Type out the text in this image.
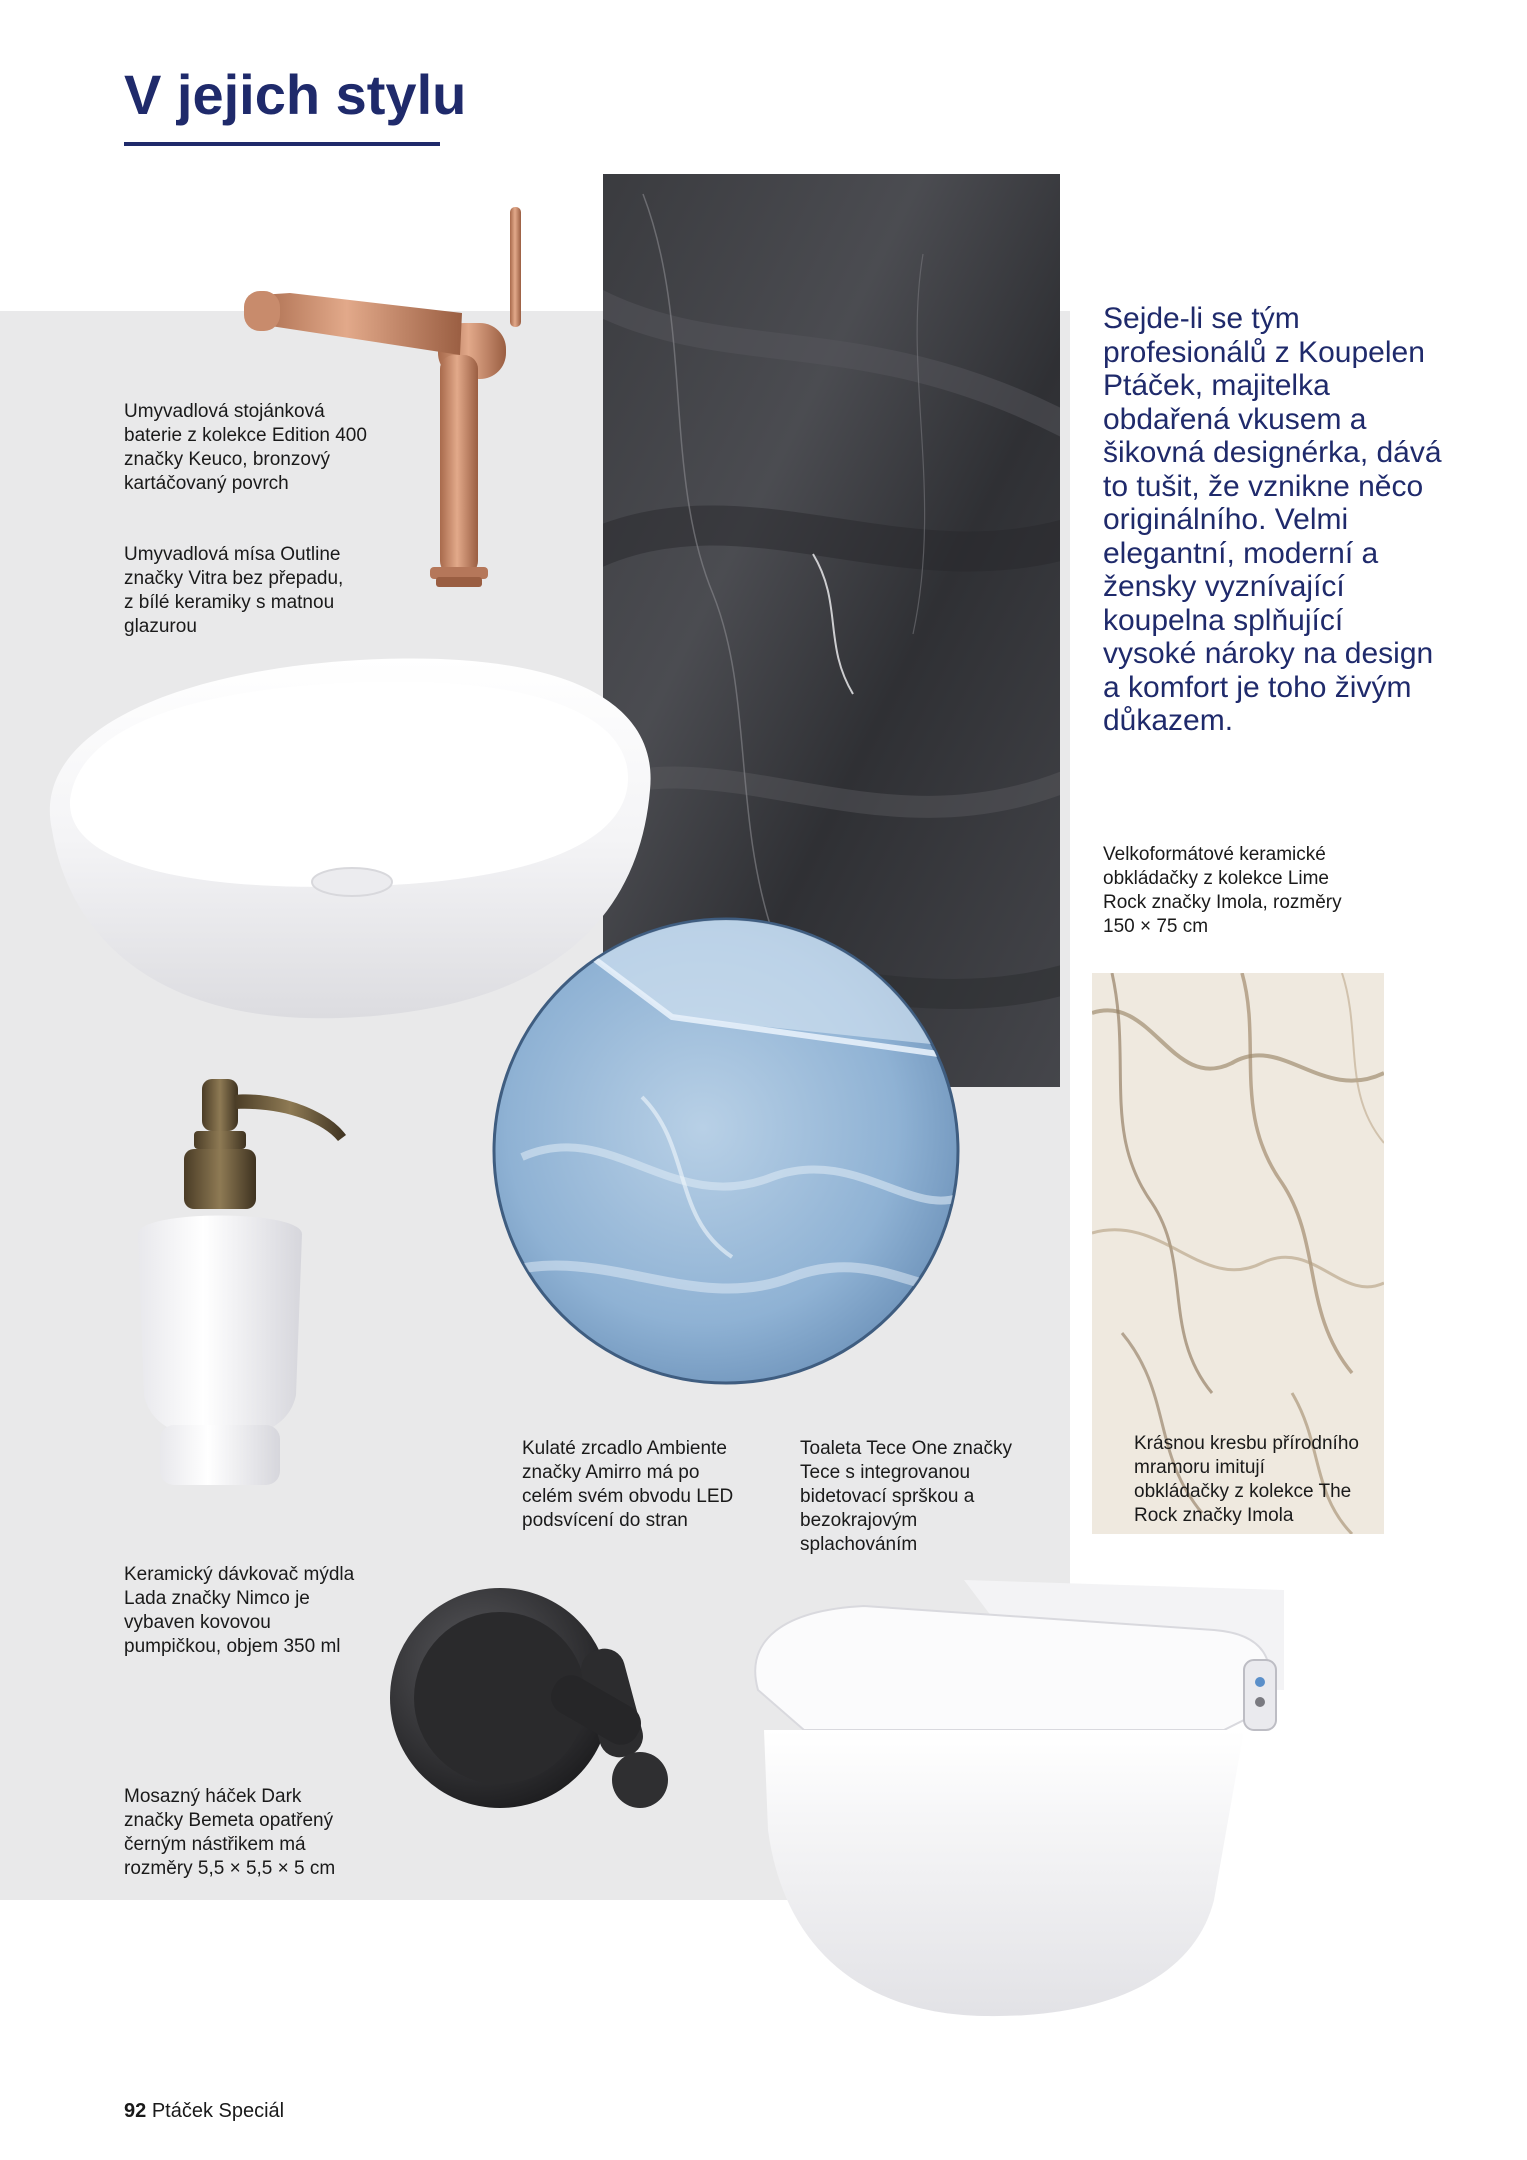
V jejich stylu

Umyvadlová stojánková baterie z kolekce Edition 400 značky Keuco, bronzový kartáčovaný povrch

Umyvadlová mísa Outline značky Vitra bez přepadu, z bílé keramiky s matnou glazurou

Sejde-li se tým profesionálů z Koupelen Ptáček, majitelka obdařená vkusem a šikovná designérka, dává to tušit, že vznikne něco originálního. Velmi elegantní, moderní a žensky vyznívající koupelna splňující vysoké nároky na design a komfort je toho živým důkazem.

Velkoformátové keramické obkládačky z kolekce Lime Rock značky Imola, rozměry 150 × 75 cm

Kulaté zrcadlo Ambiente značky Amirro má po celém svém obvodu LED podsvícení do stran

Toaleta Tece One značky Tece s integrovanou bidetovací sprškou a bezokrajovým splachováním

Krásnou kresbu přírodního mramoru imitují obkládačky z kolekce The Rock značky Imola

Keramický dávkovač mýdla Lada značky Nimco je vybaven kovovou pumpičkou, objem 350 ml

Mosazný háček Dark značky Bemeta opatřený černým nástřikem má rozměry 5,5 × 5,5 × 5 cm

92 Ptáček Speciál
